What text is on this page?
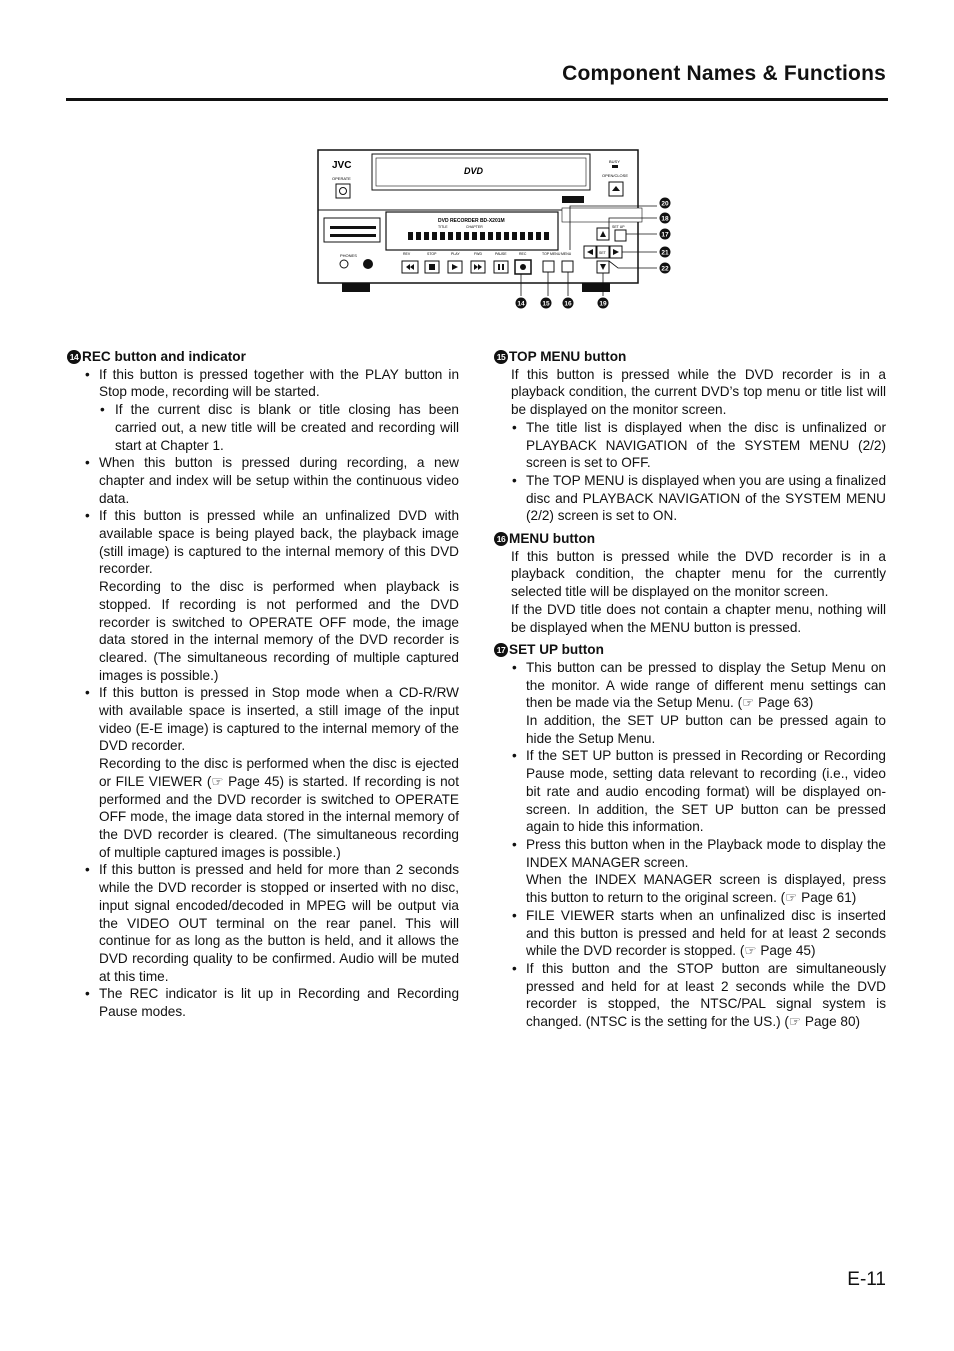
Component Names & Functions
JVC
OPERATE
DVD
BUSY
OPEN/CLOSE
PHONES
DVD RECORDER BD-X201M
TITLE	CHAPTER
REV	STOP	PLAY	FWD	PAUSE	REC	TOP MENU MENU
SET UP
SET
20
18
17
21
22
14	15 16	19
14 REC button and indicator
• If this button is pressed together with the PLAY button in Stop mode, recording will be started.
• If the current disc is blank or title closing has been carried out, a new title will be created and recording will start at Chapter 1.
• When this button is pressed during recording, a new chapter and index will be setup within the continuous video data.
• If this button is pressed while an unfinalized DVD with available space is being played back, the playback image (still image) is captured to the internal memory of this DVD recorder.
Recording to the disc is performed when playback is stopped. If recording is not performed and the DVD recorder is switched to OPERATE OFF mode, the image data stored in the internal memory of the DVD recorder is cleared. (The simultaneous recording of multiple captured images is possible.)
• If this button is pressed in Stop mode when a CD-R/RW with available space is inserted, a still image of the input video (E-E image) is captured to the internal memory of the DVD recorder.
Recording to the disc is performed when the disc is ejected or FILE VIEWER (☞ Page 45) is started. If recording is not performed and the DVD recorder is switched to OPERATE OFF mode, the image data stored in the internal memory of the DVD recorder is cleared. (The simultaneous recording of multiple captured images is possible.)
• If this button is pressed and held for more than 2 seconds while the DVD recorder is stopped or inserted with no disc, input signal encoded/decoded in MPEG will be output via the VIDEO OUT terminal on the rear panel. This will continue for as long as the button is held, and it allows the DVD recording quality to be confirmed. Audio will be muted at this time.
• The REC indicator is lit up in Recording and Recording Pause modes.
15 TOP MENU button
If this button is pressed while the DVD recorder is in a playback condition, the current DVD’s top menu or title list will be displayed on the monitor screen.
• The title list is displayed when the disc is unfinalized or PLAYBACK NAVIGATION of the SYSTEM MENU (2/2) screen is set to OFF.
• The TOP MENU is displayed when you are using a finalized disc and PLAYBACK NAVIGATION of the SYSTEM MENU (2/2) screen is set to ON.
16 MENU button
If this button is pressed while the DVD recorder is in a playback condition, the chapter menu for the currently selected title will be displayed on the monitor screen.
If the DVD title does not contain a chapter menu, nothing will be displayed when the MENU button is pressed.
17 SET UP button
• This button can be pressed to display the Setup Menu on the monitor. A wide range of different menu settings can then be made via the Setup Menu. (☞ Page 63)
In addition, the SET UP button can be pressed again to hide the Setup Menu.
• If the SET UP button is pressed in Recording or Recording Pause mode, setting data relevant to recording (i.e., video bit rate and audio encoding format) will be displayed on-screen. In addition, the SET UP button can be pressed again to hide this information.
• Press this button when in the Playback mode to display the INDEX MANAGER screen.
When the INDEX MANAGER screen is displayed, press this button to return to the original screen. (☞ Page 61)
• FILE VIEWER starts when an unfinalized disc is inserted and this button is pressed and held for at least 2 seconds while the DVD recorder is stopped. (☞ Page 45)
• If this button and the STOP button are simultaneously pressed and held for at least 2 seconds while the DVD recorder is stopped, the NTSC/PAL signal system is changed. (NTSC is the setting for the US.) (☞ Page 80)
E-11
